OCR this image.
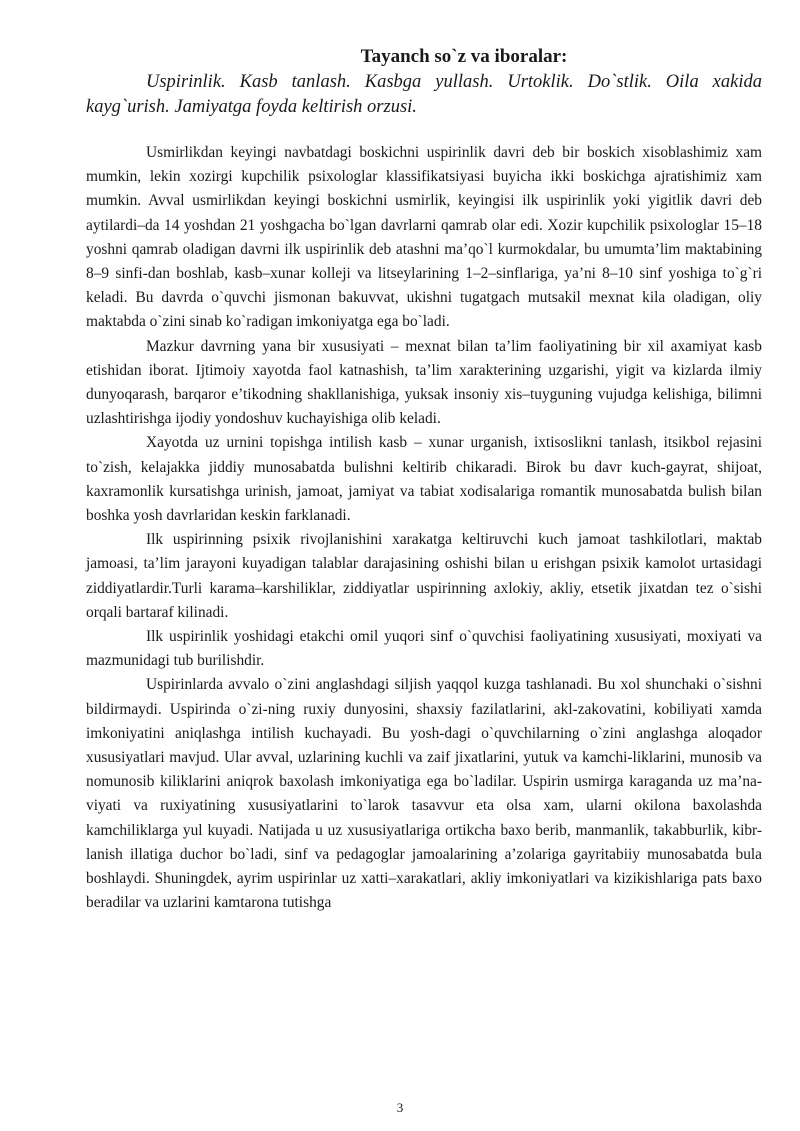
Tayanch so`z va iboralar:

Uspirinlik. Kasb tanlash. Kasbga yullash. Urtoklik. Do`stlik. Oila xakida kayg`urish. Jamiyatga foyda keltirish orzusi.

Usmirlikdan keyingi navbatdagi boskichni uspirinlik davri deb bir boskich xisoblashimiz xam mumkin, lekin xozirgi kupchilik psixologlar klassifikatsiyasi buyicha ikki boskichga ajratishimiz xam mumkin. Avval usmirlikdan keyingi boskichni usmirlik, keyingisi ilk uspirinlik yoki yigitlik davri deb aytilardi–da 14 yoshdan 21 yoshgacha bo`lgan davrlarni qamrab olar edi. Xozir kupchilik psixologlar 15–18 yoshni qamrab oladigan davrni ilk uspirinlik deb atashni ma’qo`l kurmokdalar, bu umumta’lim maktabining 8–9 sinfi-dan boshlab, kasb–xunar kolleji va litseylarining 1–2–sinflariga, ya’ni 8–10 sinf yoshiga to`g`ri keladi. Bu davrda o`quvchi jismonan bakuvvat, ukishni tugatgach mutsakil mexnat kila oladigan, oliy maktabda o`zini sinab ko`radigan imkoniyatga ega bo`ladi.

Mazkur davrning yana bir xususiyati – mexnat bilan ta’lim faoliyatining bir xil axamiyat kasb etishidan iborat. Ijtimoiy xayotda faol katnashish, ta’lim xarakterining uzgarishi, yigit va kizlarda ilmiy dunyoqarash, barqaror e’tikodning shakllanishiga, yuksak insoniy xis–tuyguning vujudga kelishiga, bilimni uzlashtirishga ijodiy yondoshuv kuchayishiga olib keladi.

Xayotda uz urnini topishga intilish kasb – xunar urganish, ixtisoslikni tanlash, itsikbol rejasini to`zish, kelajakka jiddiy munosabatda bulishni keltirib chikaradi. Birok bu davr kuch-gayrat, shijoat, kaxramonlik kursatishga urinish, jamoat, jamiyat va tabiat xodisalariga romantik munosabatda bulish bilan boshka yosh davrlaridan keskin farklanadi.

Ilk uspirinning psixik rivojlanishini xarakatga keltiruvchi kuch jamoat tashkilotlari, maktab jamoasi, ta’lim jarayoni kuyadigan talablar darajasining oshishi bilan u erishgan psixik kamolot urtasidagi ziddiyatlardir.Turli karama–karshiliklar, ziddiyatlar uspirinning axlokiy, akliy, etsetik jixatdan tez o`sishi orqali bartaraf kilinadi.

Ilk uspirinlik yoshidagi etakchi omil yuqori sinf o`quvchisi faoliyatining xususiyati, moxiyati va mazmunidagi tub burilishdir.

Uspirinlarda avvalo o`zini anglashdagi siljish yaqqol kuzga tashlanadi. Bu xol shunchaki o`sishni bildirmaydi. Uspirinda o`zi-ning ruxiy dunyosini, shaxsiy fazilatlarini, akl-zakovatini, kobiliyati xamda imkoniyatini aniqlashga intilish kuchayadi. Bu yosh-dagi o`quvchilarning o`zini anglashga aloqador xususiyatlari mavjud. Ular avval, uzlarining kuchli va zaif jixatlarini, yutuk va kamchi-liklarini, munosib va nomunosib kiliklarini aniqrok baxolash imkoniyatiga ega bo`ladilar. Uspirin usmirga karaganda uz ma’na-viyati va ruxiyatining xususiyatlarini to`larok tasavvur eta olsa xam, ularni okilona baxolashda kamchiliklarga yul kuyadi. Natijada u uz xususiyatlariga ortikcha baxo berib, manmanlik, takabburlik, kibr-lanish illatiga duchor bo`ladi, sinf va pedagoglar jamoalarining a’zolariga gayritabiiy munosabatda bula boshlaydi. Shuningdek, ayrim uspirinlar uz xatti–xarakatlari, akliy imkoniyatlari va kizikishlariga pats baxo beradilar va uzlarini kamtarona tutishga

3
